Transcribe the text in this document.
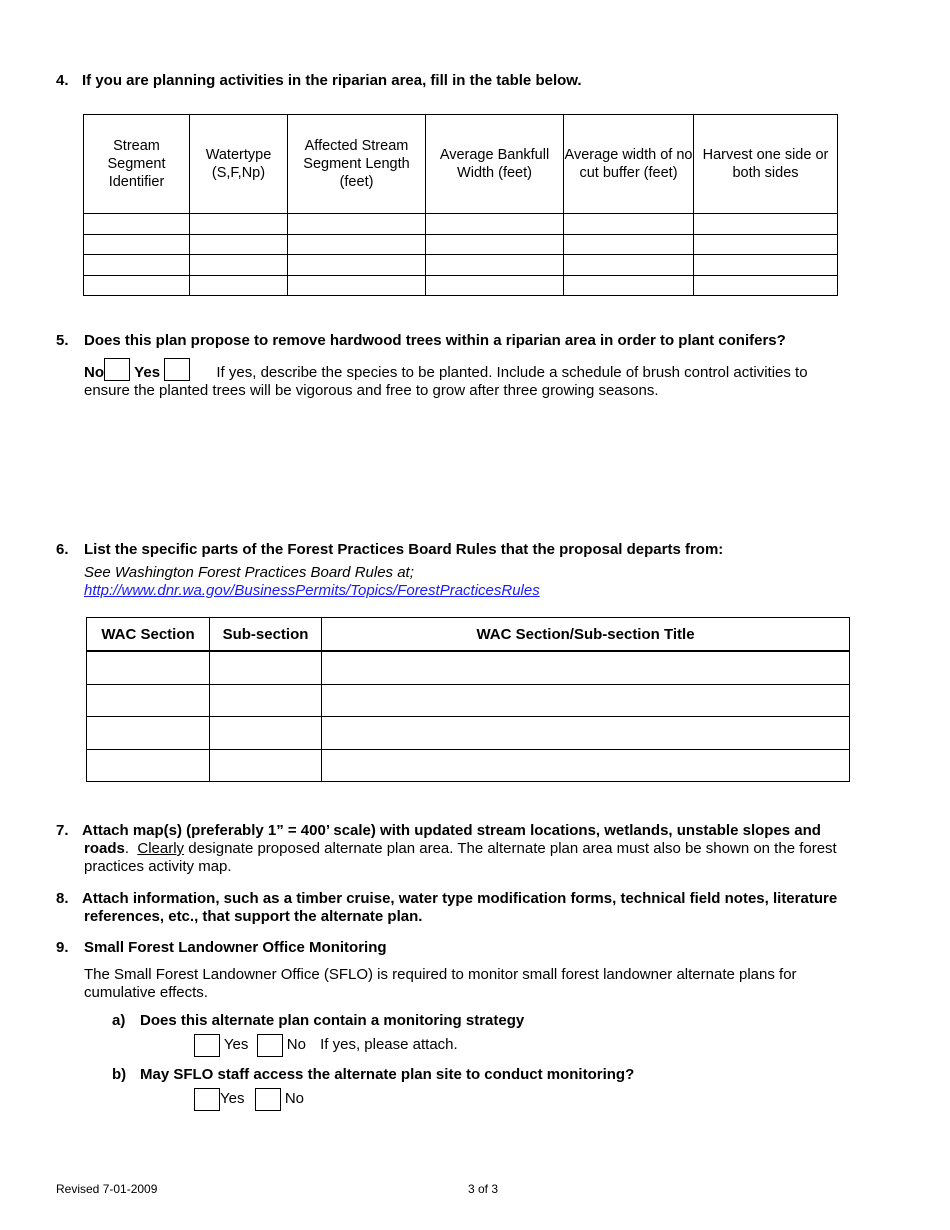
4. If you are planning activities in the riparian area, fill in the table below.
Stream Segment Identifier	Watertype (S,F,Np)	Affected Stream Segment Length (feet)	Average Bankfull Width (feet)	Average width of no cut buffer (feet)	Harvest one side or both sides

5. Does this plan propose to remove hardwood trees within a riparian area in order to plant conifers?
No Yes	If yes, describe the species to be planted. Include a schedule of brush control activities to
ensure the planted trees will be vigorous and free to grow after three growing seasons.
6. List the specific parts of the Forest Practices Board Rules that the proposal departs from:
See Washington Forest Practices Board Rules at;
http://www.dnr.wa.gov/BusinessPermits/Topics/ForestPracticesRules
WAC Section	Sub-section	WAC Section/Sub-section Title

7. Attach map(s) (preferably 1” = 400’ scale) with updated stream locations, wetlands, unstable slopes and
roads.  Clearly designate proposed alternate plan area. The alternate plan area must also be shown on the forest
practices activity map.
8. Attach information, such as a timber cruise, water type modification forms, technical field notes, literature
references, etc., that support the alternate plan.
9. Small Forest Landowner Office Monitoring
The Small Forest Landowner Office (SFLO) is required to monitor small forest landowner alternate plans for
cumulative effects.
a) Does this alternate plan contain a monitoring strategy
Yes	No If yes, please attach.
b) May SFLO staff access the alternate plan site to conduct monitoring?
Yes	No
Revised 7-01-2009	3 of 3
